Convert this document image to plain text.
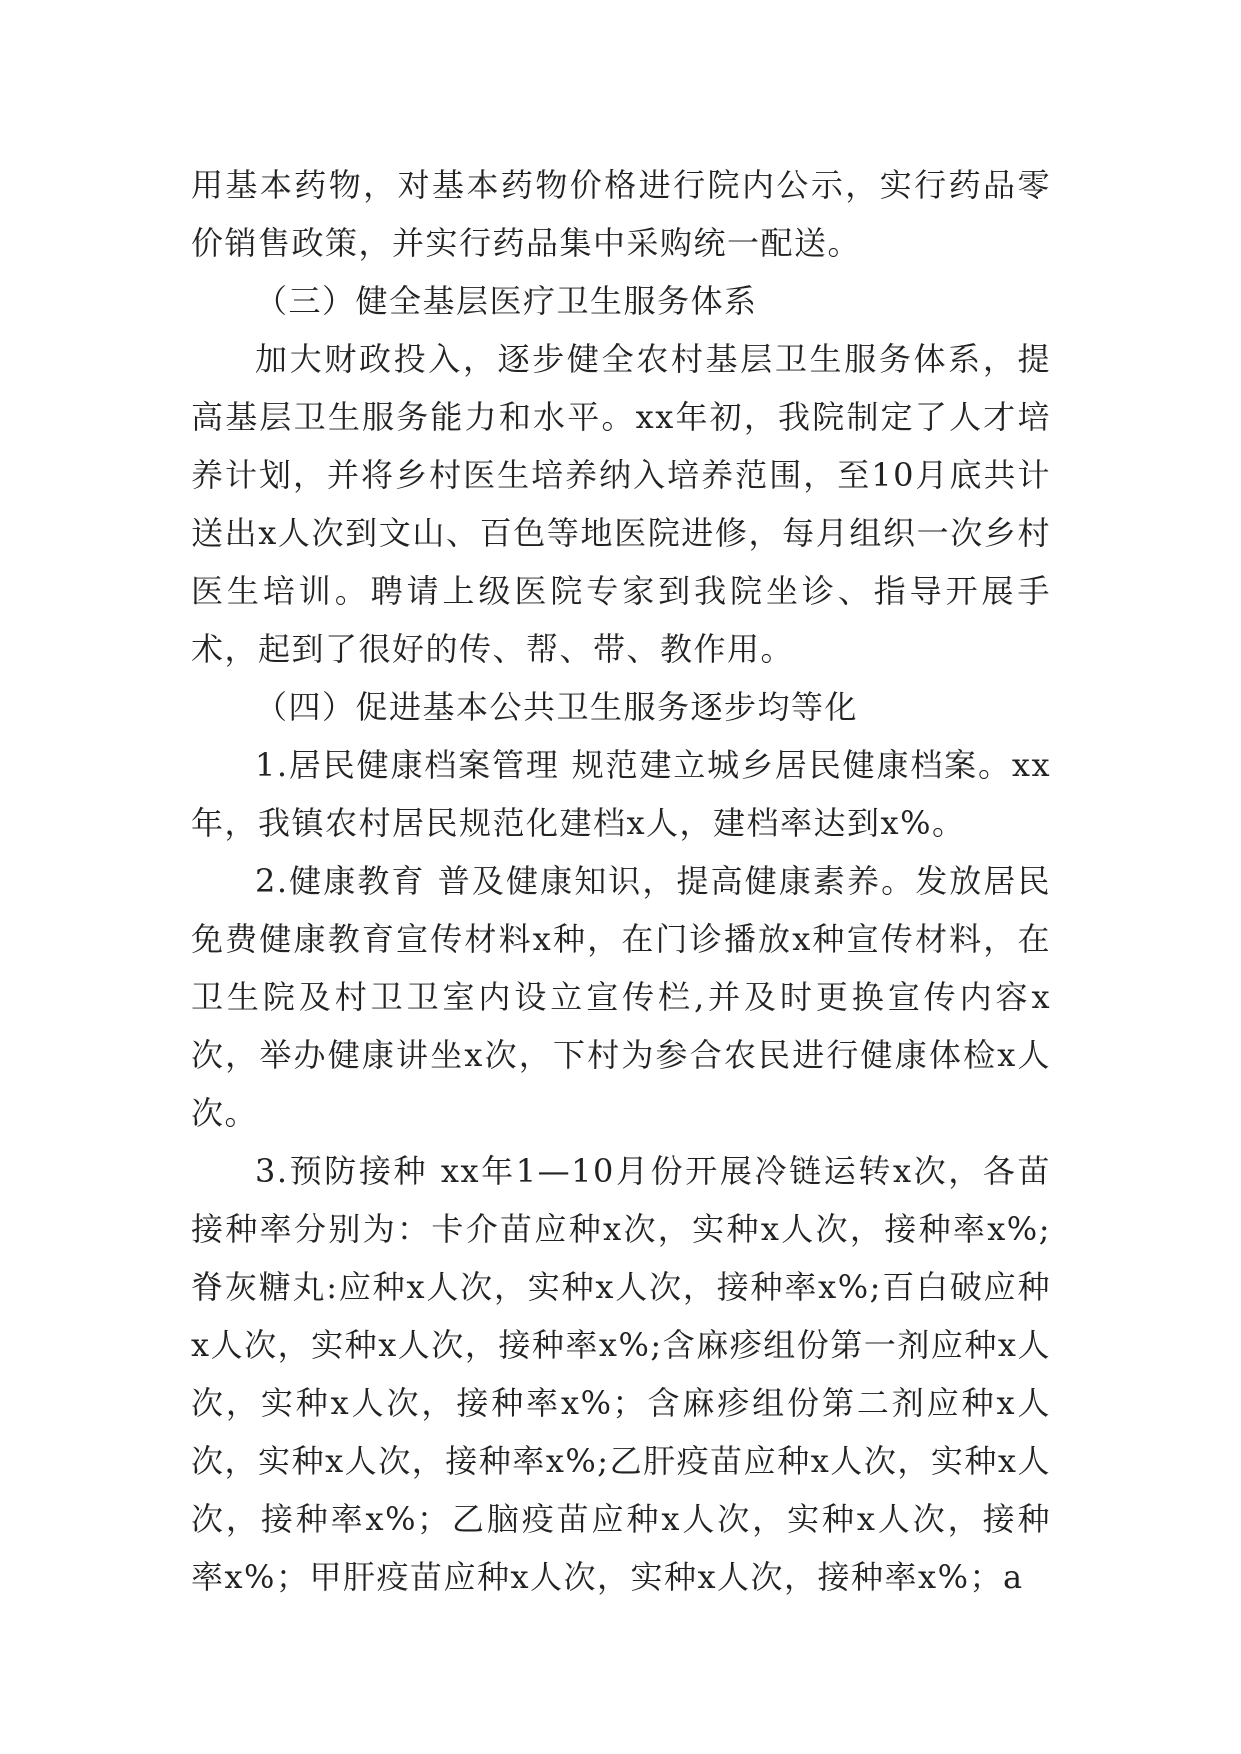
用基本药物，对基本药物价格进行院内公示，实行药品零价销售政策，并实行药品集中采购统一配送。

（三）健全基层医疗卫生服务体系

加大财政投入，逐步健全农村基层卫生服务体系，提高基层卫生服务能力和水平。xx年初，我院制定了人才培养计划，并将乡村医生培养纳入培养范围，至10月底共计送出x人次到文山、百色等地医院进修，每月组织一次乡村医生培训。聘请上级医院专家到我院坐诊、指导开展手术，起到了很好的传、帮、带、教作用。

（四）促进基本公共卫生服务逐步均等化

1.居民健康档案管理 规范建立城乡居民健康档案。xx年，我镇农村居民规范化建档x人，建档率达到x%。

2.健康教育 普及健康知识，提高健康素养。发放居民免费健康教育宣传材料x种，在门诊播放x种宣传材料，在卫生院及村卫卫室内设立宣传栏,并及时更换宣传内容x次，举办健康讲坐x次，下村为参合农民进行健康体检x人次。

3.预防接种 xx年1—10月份开展冷链运转x次，各苗接种率分别为：卡介苗应种x次，实种x人次，接种率x%;脊灰糖丸:应种x人次，实种x人次，接种率x%;百白破应种x人次，实种x人次，接种率x%;含麻疹组份第一剂应种x人次，实种x人次，接种率x%；含麻疹组份第二剂应种x人次，实种x人次，接种率x%;乙肝疫苗应种x人次，实种x人次，接种率x%；乙脑疫苗应种x人次，实种x人次，接种率x%；甲肝疫苗应种x人次，实种x人次，接种率x%；a
